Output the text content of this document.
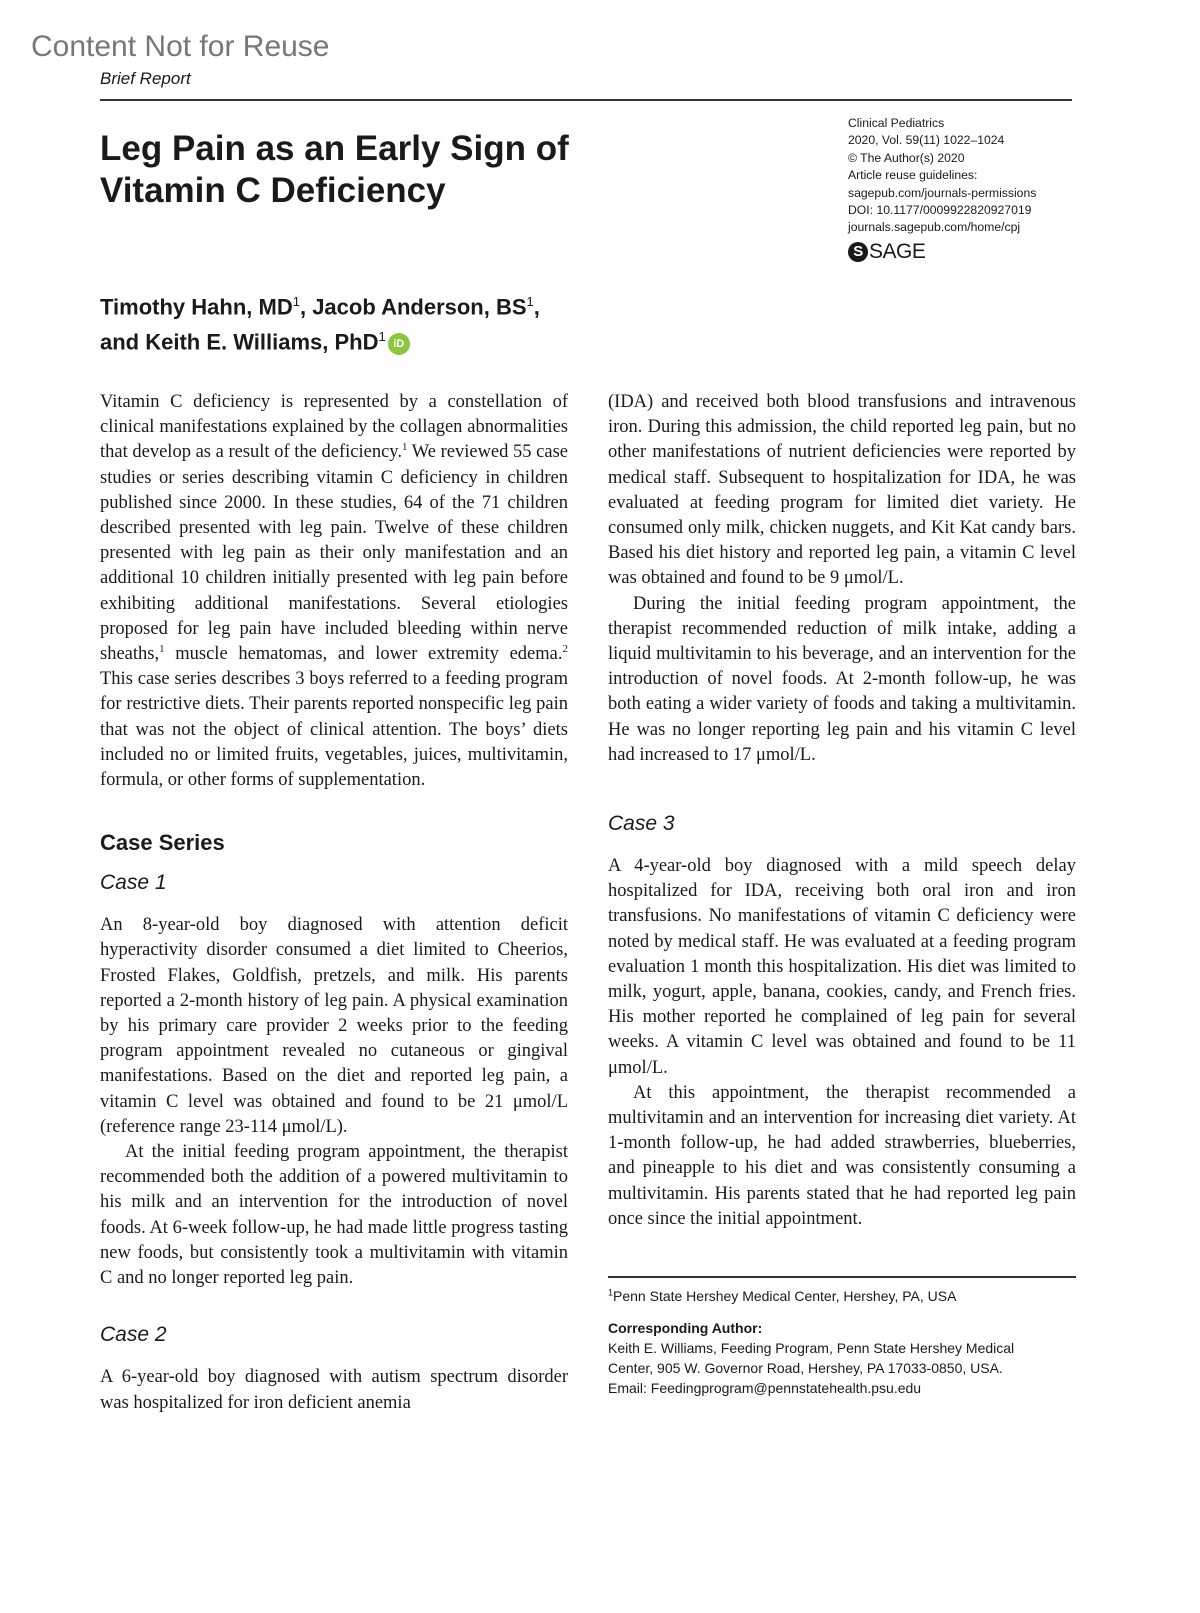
Content Not for Reuse
Brief Report
Leg Pain as an Early Sign of
Vitamin C Deficiency
Clinical Pediatrics
2020, Vol. 59(11) 1022–1024
© The Author(s) 2020
Article reuse guidelines:
sagepub.com/journals-permissions
DOI: 10.1177/0009922820927019
journals.sagepub.com/home/cpj
S SAGE
Timothy Hahn, $MD^1$, Jacob Anderson, $BS^1$,
and Keith E. Williams, PhD$^1$ iD

Vitamin C deficiency is represented by a constellation of clinical manifestations explained by the collagen abnormalities that develop as a result of the deficiency.$^1$ We reviewed 55 case studies or series describing vitamin C deficiency in children published since 2000. In these studies, 64 of the 71 children described presented with leg pain. Twelve of these children presented with leg pain as their only manifestation and an additional 10 children initially presented with leg pain before exhibiting additional manifestations. Several etiologies proposed for leg pain have included bleeding within nerve sheaths,$^1$ muscle hematomas, and lower extremity edema.$^2$ This case series describes 3 boys referred to a feeding program for restrictive diets. Their parents reported nonspecific leg pain that was not the object of clinical attention. The boys’ diets included no or limited fruits, vegetables, juices, multivitamin, formula, or other forms of supplementation.

Case Series
Case 1

An 8-year-old boy diagnosed with attention deficit hyperactivity disorder consumed a diet limited to Cheerios, Frosted Flakes, Goldfish, pretzels, and milk. His parents reported a 2-month history of leg pain. A physical examination by his primary care provider 2 weeks prior to the feeding program appointment revealed no cutaneous or gingival manifestations. Based on the diet and reported leg pain, a vitamin C level was obtained and found to be 21 μmol/L (reference range 23-114 μmol/L).

At the initial feeding program appointment, the therapist recommended both the addition of a powered multivitamin to his milk and an intervention for the introduction of novel foods. At 6-week follow-up, he had made little progress tasting new foods, but consistently took a multivitamin with vitamin C and no longer reported leg pain.

Case 2

A 6-year-old boy diagnosed with autism spectrum disorder was hospitalized for iron deficient anemia

(IDA) and received both blood transfusions and intravenous iron. During this admission, the child reported leg pain, but no other manifestations of nutrient deficiencies were reported by medical staff. Subsequent to hospitalization for IDA, he was evaluated at feeding program for limited diet variety. He consumed only milk, chicken nuggets, and Kit Kat candy bars. Based his diet history and reported leg pain, a vitamin C level was obtained and found to be 9 μmol/L.

During the initial feeding program appointment, the therapist recommended reduction of milk intake, adding a liquid multivitamin to his beverage, and an intervention for the introduction of novel foods. At 2-month follow-up, he was both eating a wider variety of foods and taking a multivitamin. He was no longer reporting leg pain and his vitamin C level had increased to 17 μmol/L.

Case 3

A 4-year-old boy diagnosed with a mild speech delay hospitalized for IDA, receiving both oral iron and iron transfusions. No manifestations of vitamin C deficiency were noted by medical staff. He was evaluated at a feeding program evaluation 1 month this hospitalization. His diet was limited to milk, yogurt, apple, banana, cookies, candy, and French fries. His mother reported he complained of leg pain for several weeks. A vitamin C level was obtained and found to be 11 μmol/L.

At this appointment, the therapist recommended a multivitamin and an intervention for increasing diet variety. At 1-month follow-up, he had added strawberries, blueberries, and pineapple to his diet and was consistently consuming a multivitamin. His parents stated that he had reported leg pain once since the initial appointment.

$^1$Penn State Hershey Medical Center, Hershey, PA, USA
Corresponding Author:
Keith E. Williams, Feeding Program, Penn State Hershey Medical
Center, 905 W. Governor Road, Hershey, PA 17033-0850, USA.
Email: Feedingprogram@pennstatehealth.psu.edu
